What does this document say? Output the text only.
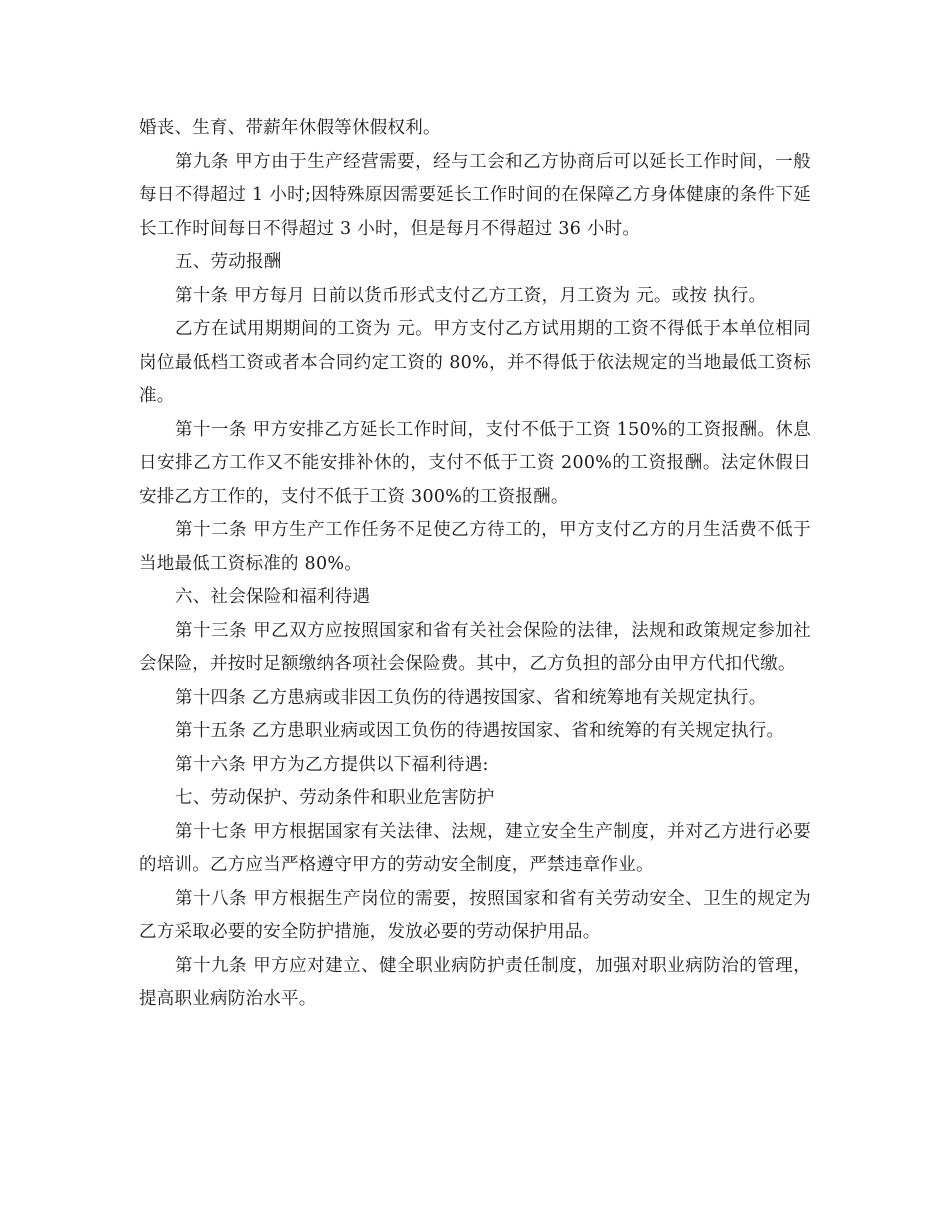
婚丧、生育、带薪年休假等休假权利。

第九条 甲方由于生产经营需要，经与工会和乙方协商后可以延长工作时间，一般每日不得超过 1 小时;因特殊原因需要延长工作时间的在保障乙方身体健康的条件下延长工作时间每日不得超过 3 小时，但是每月不得超过 36 小时。

五、劳动报酬

第十条 甲方每月 日前以货币形式支付乙方工资，月工资为 元。或按 执行。

乙方在试用期期间的工资为 元。甲方支付乙方试用期的工资不得低于本单位相同岗位最低档工资或者本合同约定工资的 80%，并不得低于依法规定的当地最低工资标准。

第十一条 甲方安排乙方延长工作时间，支付不低于工资 150%的工资报酬。休息日安排乙方工作又不能安排补休的，支付不低于工资 200%的工资报酬。法定休假日安排乙方工作的，支付不低于工资 300%的工资报酬。

第十二条 甲方生产工作任务不足使乙方待工的，甲方支付乙方的月生活费不低于当地最低工资标准的 80%。

六、社会保险和福利待遇

第十三条 甲乙双方应按照国家和省有关社会保险的法律，法规和政策规定参加社会保险，并按时足额缴纳各项社会保险费。其中，乙方负担的部分由甲方代扣代缴。

第十四条 乙方患病或非因工负伤的待遇按国家、省和统筹地有关规定执行。

第十五条 乙方患职业病或因工负伤的待遇按国家、省和统筹的有关规定执行。

第十六条 甲方为乙方提供以下福利待遇:

七、劳动保护、劳动条件和职业危害防护

第十七条 甲方根据国家有关法律、法规，建立安全生产制度，并对乙方进行必要的培训。乙方应当严格遵守甲方的劳动安全制度，严禁违章作业。

第十八条 甲方根据生产岗位的需要，按照国家和省有关劳动安全、卫生的规定为乙方采取必要的安全防护措施，发放必要的劳动保护用品。

第十九条 甲方应对建立、健全职业病防护责任制度，加强对职业病防治的管理，提高职业病防治水平。
